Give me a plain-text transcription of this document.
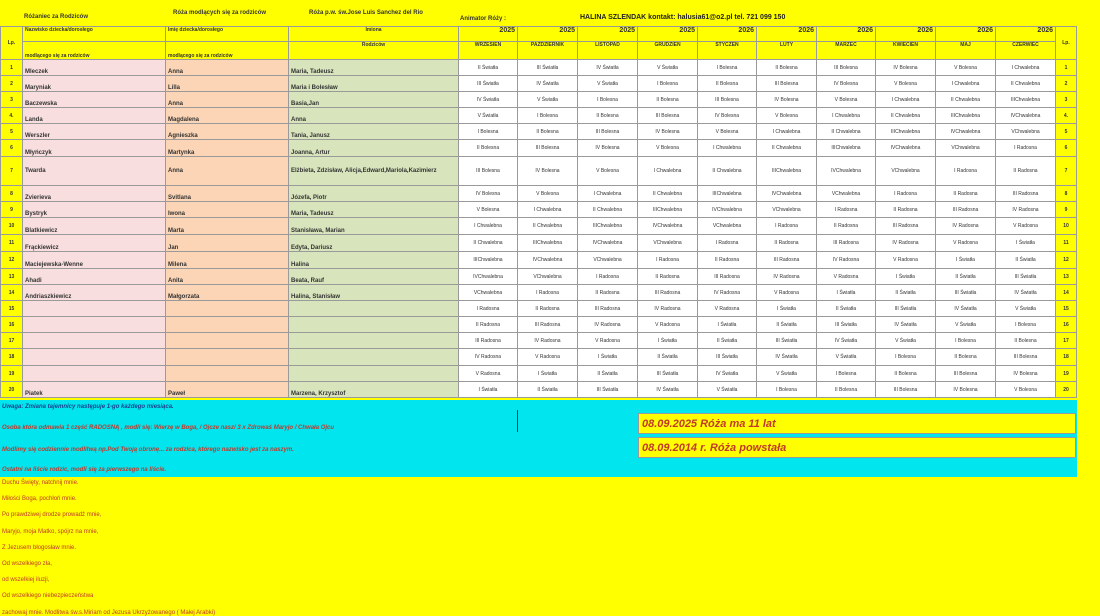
Różaniec za Rodziców
Róża modlących się za rodziców	Róża p.w. św.Jose Luis Sanchez del Rio
Animator Róży :	HALINA SZLENDAK kontakt: halusia61@o2.pl tel. 721 099 150
Lp.	Nazwisko dziecka/dorosłego	Imię dziecka/dorosłego	Imiona	2025	2025	2025	2025	2026	2026	2026	2026	2026	2026	Lp.
	modlącego się za rodziców	modlącego się za rodziców	Rodziców	WRZESIEŃ	PAŹDZIERNIK	LISTOPAD	GRUDZIEŃ	STYCZEŃ	LUTY	MARZEC	KWIECIEŃ	MAJ	CZERWIEC	
1	Mleczek	Anna	Maria, Tadeusz	II Światła	III Światła	IV Światła	V Światła	I Bolesna	II Bolesna	III Bolesna	IV Bolesna	V Bolesna	I Chwalebna	1
2	Maryniak	Lilla	Maria i Bolesław	III Światła	IV Światła	V Światła	I Bolesna	II Bolesna	III Bolesna	IV Bolesna	V Bolesna	I Chwalebna	II Chwalebna	2
3	Baczewska	Anna	Basia,Jan	IV Światła	V Światła	I Bolesna	II Bolesna	III Bolesna	IV Bolesna	V Bolesna	I Chwalebna	II Chwalebna	IIIChwalebna	3
4.	Landa	Magdalena	Anna	V Światła	I Bolesna	II Bolesna	III Bolesna	IV Bolesna	V Bolesna	I Chwalebna	II Chwalebna	IIIChwalebna	IVChwalebna	4.
5	Werszler	Agnieszka	Tania, Janusz	I Bolesna	II Bolesna	III Bolesna	IV Bolesna	V Bolesna	I Chwalebna	II Chwalebna	IIIChwalebna	IVChwalebna	VChwalebna	5
6	Młyńczyk	Martynka	Joanna, Artur	II Bolesna	III Bolesna	IV Bolesna	V Bolesna	I Chwalebna	II Chwalebna	IIIChwalebna	IVChwalebna	VChwalebna	I Radosna	6
7	Twarda	Anna	Elżbieta, Zdzisław, Alicja,Edward,Mariola,Kazimierz	III Bolesna	IV Bolesna	V Bolesna	I Chwalebna	II Chwalebna	IIIChwalebna	IVChwalebna	VChwalebna	I Radosna	II Radosna	7
8	Zvierieva	Svitlana	Józefa, Piotr	IV Bolesna	V Bolesna	I Chwalebna	II Chwalebna	IIIChwalebna	IVChwalebna	VChwalebna	I Radosna	II Radosna	III Radosna	8
9	Bystryk	Iwona	Maria, Tadeusz	V Bolesna	I Chwalebna	II Chwalebna	IIIChwalebna	IVChwalebna	VChwalebna	I Radosna	II Radosna	III Radosna	IV Radosna	9
10	Blatkiewicz	Marta	Stanisława, Marian	I Chwalebna	II Chwalebna	IIIChwalebna	IVChwalebna	VChwalebna	I Radosna	II Radosna	III Radosna	IV Radosna	V Radosna	10
11	Frąckiewicz	Jan	Edyta, Dariusz	II Chwalebna	IIIChwalebna	IVChwalebna	VChwalebna	I Radosna	II Radosna	III Radosna	IV Radosna	V Radosna	I Światła	11
12	Maciejewska-Wenne	Milena	Halina	IIIChwalebna	IVChwalebna	VChwalebna	I Radosna	II Radosna	III Radosna	IV Radosna	V Radosna	I Światła	II Światła	12
13	Ahadi	Anita	Beata, Rauf	IVChwalebna	VChwalebna	I Radosna	II Radosna	III Radosna	IV Radosna	V Radosna	I Światła	II Światła	III Światła	13
14	Andriaszkiewicz	Małgorzata	Halina, Stanisław	VChwalebna	I Radosna	II Radosna	III Radosna	IV Radosna	V Radosna	I Światła	II Światła	III Światła	IV Światła	14
15				I Radosna	II Radosna	III Radosna	IV Radosna	V Radosna	I Światła	II Światła	III Światła	IV Światła	V Światła	15
16				II Radosna	III Radosna	IV Radosna	V Radosna	I Światła	II Światła	III Światła	IV Światła	V Światła	I Bolesna	16
17				III Radosna	IV Radosna	V Radosna	I Światła	II Światła	III Światła	IV Światła	V Światła	I Bolesna	II Bolesna	17
18				IV Radosna	V Radosna	I Światła	II Światła	III Światła	IV Światła	V Światła	I Bolesna	II Bolesna	III Bolesna	18
19				V Radosna	I Światła	II Światła	III Światła	IV Światła	V Światła	I Bolesna	II Bolesna	III Bolesna	IV Bolesna	19
20	Piatek	Paweł	Marzena, Krzysztof	I Światła	II Światła	III Światła	IV Światła	V Światła	I Bolesna	II Bolesna	III Bolesna	IV Bolesna	V Bolesna	20
Uwaga: Zmiana tajemnicy następuje 1-go każdego miesiąca.
Osoba która odmawia 1 część RADOSNĄ , modli się: Wierzę w Boga, / Ojcze nasz/ 3 x Zdrowaś Maryjo / Chwała Ojcu
Modlimy się codziennie modlitwą np.Pod Twoją obronę... za rodzica, którego nazwisko jest za naszym.
Ostatni na liście rodzic, modli się za pierwszego na liście.
08.09.2025 Róża ma 11 lat
08.09.2014 r. Róża powstała
Duchu Święty, natchnij mnie.
Miłości Boga, pochłoń mnie.
Po prawdziwej drodze prowadź mnie,
Maryjo, moja Matko, spójrz na mnie,
Z Jezusem błogosław mnie.
Od wszelkiego zła,
od wszelkiej iluzji,
Od wszelkiego niebezpieczeństwa
zachowaj mnie. Modlitwa św.s.Miriam od Jezusa Ukrzyżowanego ( Małej Arabki)
